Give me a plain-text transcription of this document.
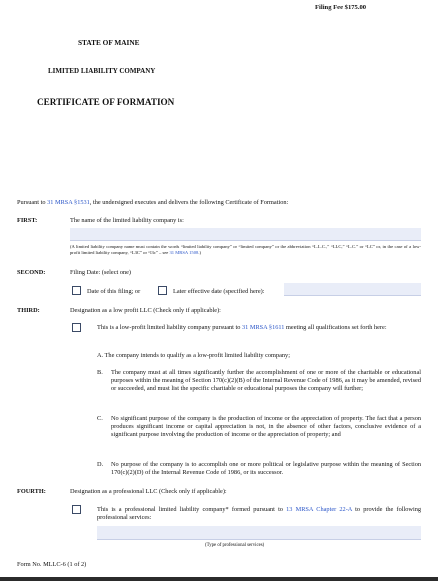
Filing Fee $175.00
STATE OF MAINE
LIMITED LIABILITY COMPANY
CERTIFICATE OF FORMATION
Pursuant to 31 MRSA §1531, the undersigned executes and delivers the following Certificate of Formation:
FIRST:	The name of the limited liability company is:
(A limited liability company name must contain the words “limited liability company” or “limited company” or the abbreviation “L.L.C.,” “LLC,” “L.C.” or “LC” or, in the case of a low-profit limited liability company, “L3C” or “l3c” – see 31 MRSA 1508.)
SECOND:	Filing Date: (select one)
Date of this filing; or	Later effective date (specified here):
THIRD:	Designation as a low profit LLC (Check only if applicable):
This is a low-profit limited liability company pursuant to 31 MRSA §1611 meeting all qualifications set forth here:
A. The company intends to qualify as a low-profit limited liability company;
B. The company must at all times significantly further the accomplishment of one or more of the charitable or educational purposes within the meaning of Section 170(c)(2)(B) of the Internal Revenue Code of 1986, as it may be amended, revised or succeeded, and must list the specific charitable or educational purposes the company will further;
C. No significant purpose of the company is the production of income or the appreciation of property. The fact that a person produces significant income or capital appreciation is not, in the absence of other factors, conclusive evidence of a significant purpose involving the production of income or the appreciation of property; and
D. No purpose of the company is to accomplish one or more political or legislative purpose within the meaning of Section 170(c)(2)(D) of the Internal Revenue Code of 1986, or its successor.
FOURTH:	Designation as a professional LLC (Check only if applicable):
This is a professional limited liability company* formed pursuant to 13 MRSA Chapter 22-A to provide the following professional services:
(Type of professional services)
Form No. MLLC-6 (1 of 2)
